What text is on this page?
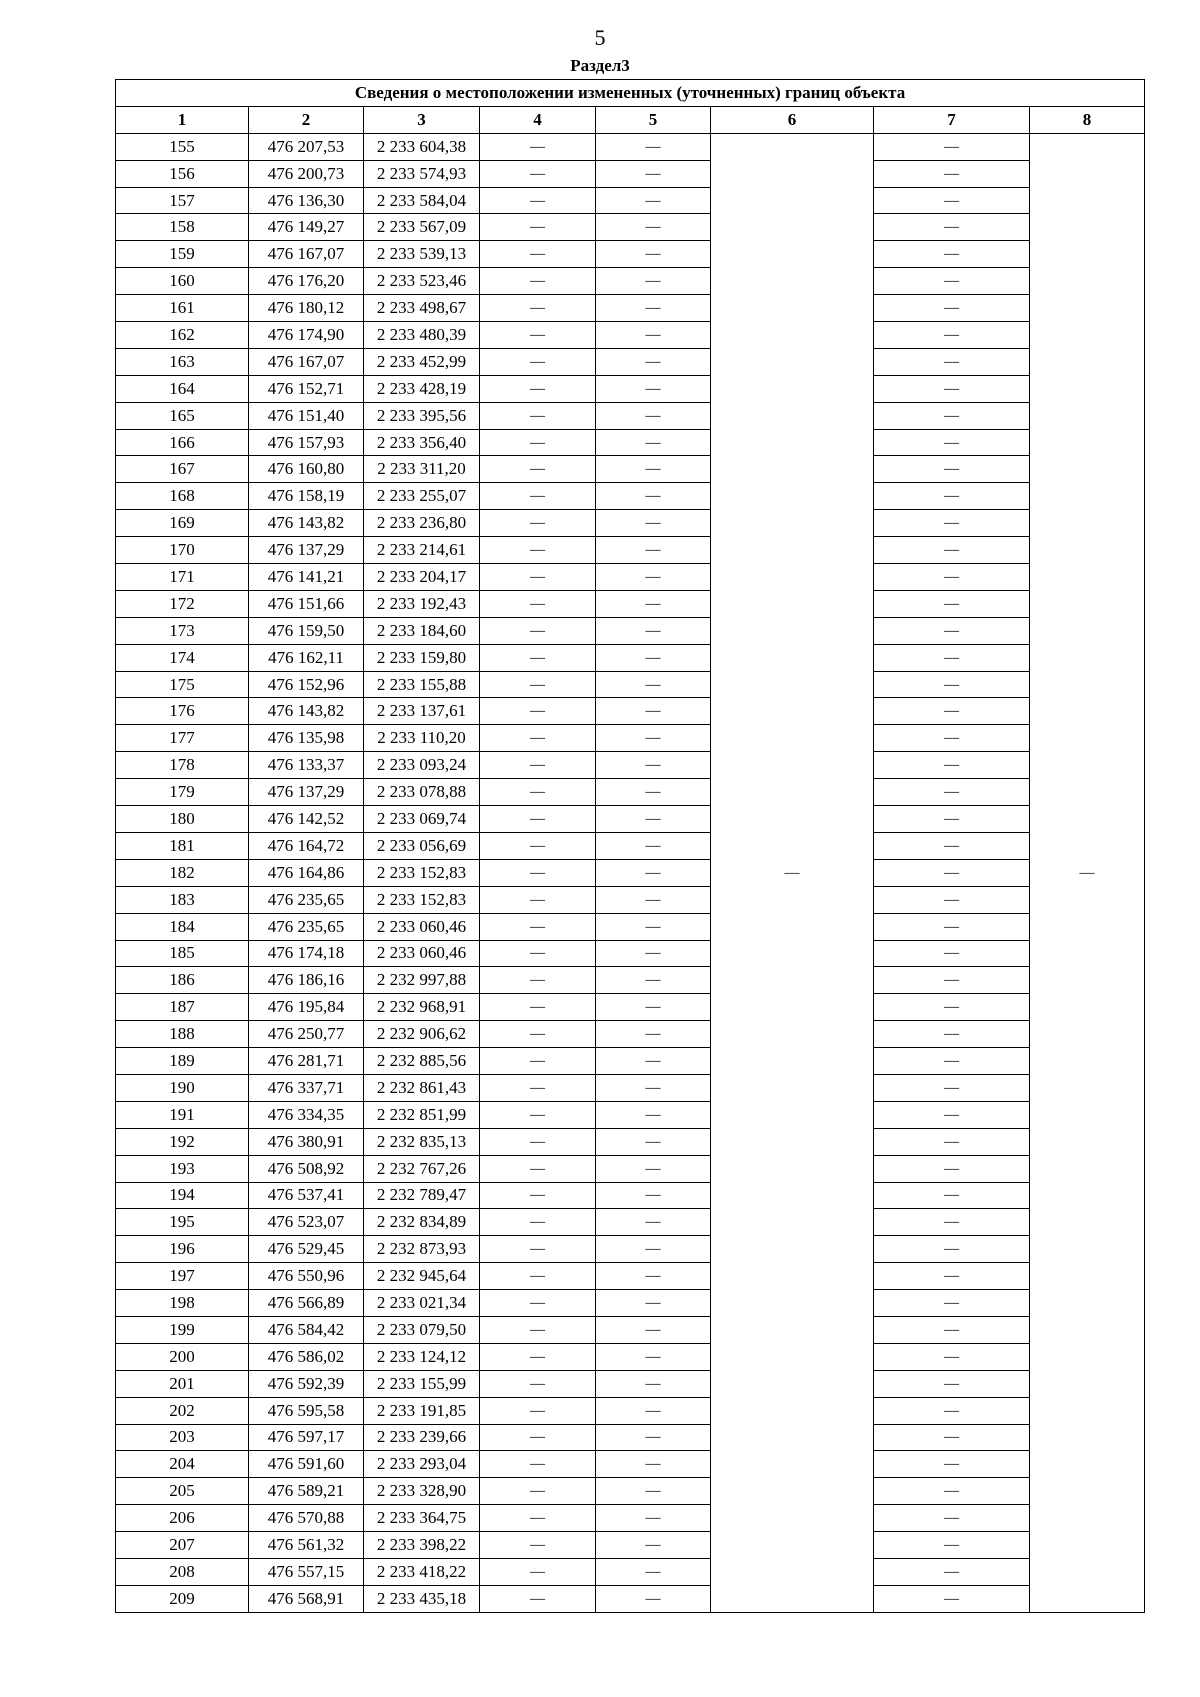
5
Раздел3
Сведения о местоположении измененных (уточненных) границ объекта							
1	2	3	4	5	6	7	8
155	476 207,53	2 233 604,38	—	—	—	—	—
156	476 200,73	2 233 574,93	—	—		—	
157	476 136,30	2 233 584,04	—	—		—	
158	476 149,27	2 233 567,09	—	—		—	
159	476 167,07	2 233 539,13	—	—		—	
160	476 176,20	2 233 523,46	—	—		—	
161	476 180,12	2 233 498,67	—	—		—	
162	476 174,90	2 233 480,39	—	—		—	
163	476 167,07	2 233 452,99	—	—		—	
164	476 152,71	2 233 428,19	—	—		—	
165	476 151,40	2 233 395,56	—	—		—	
166	476 157,93	2 233 356,40	—	—		—	
167	476 160,80	2 233 311,20	—	—		—	
168	476 158,19	2 233 255,07	—	—		—	
169	476 143,82	2 233 236,80	—	—		—	
170	476 137,29	2 233 214,61	—	—		—	
171	476 141,21	2 233 204,17	—	—		—	
172	476 151,66	2 233 192,43	—	—		—	
173	476 159,50	2 233 184,60	—	—		—	
174	476 162,11	2 233 159,80	—	—		—	
175	476 152,96	2 233 155,88	—	—		—	
176	476 143,82	2 233 137,61	—	—		—	
177	476 135,98	2 233 110,20	—	—		—	
178	476 133,37	2 233 093,24	—	—		—	
179	476 137,29	2 233 078,88	—	—		—	
180	476 142,52	2 233 069,74	—	—		—	
181	476 164,72	2 233 056,69	—	—		—	
182	476 164,86	2 233 152,83	—	—		—	
183	476 235,65	2 233 152,83	—	—		—	
184	476 235,65	2 233 060,46	—	—		—	
185	476 174,18	2 233 060,46	—	—		—	
186	476 186,16	2 232 997,88	—	—		—	
187	476 195,84	2 232 968,91	—	—		—	
188	476 250,77	2 232 906,62	—	—		—	
189	476 281,71	2 232 885,56	—	—		—	
190	476 337,71	2 232 861,43	—	—		—	
191	476 334,35	2 232 851,99	—	—		—	
192	476 380,91	2 232 835,13	—	—		—	
193	476 508,92	2 232 767,26	—	—		—	
194	476 537,41	2 232 789,47	—	—		—	
195	476 523,07	2 232 834,89	—	—		—	
196	476 529,45	2 232 873,93	—	—		—	
197	476 550,96	2 232 945,64	—	—		—	
198	476 566,89	2 233 021,34	—	—		—	
199	476 584,42	2 233 079,50	—	—		—	
200	476 586,02	2 233 124,12	—	—		—	
201	476 592,39	2 233 155,99	—	—		—	
202	476 595,58	2 233 191,85	—	—		—	
203	476 597,17	2 233 239,66	—	—		—	
204	476 591,60	2 233 293,04	—	—		—	
205	476 589,21	2 233 328,90	—	—		—	
206	476 570,88	2 233 364,75	—	—		—	
207	476 561,32	2 233 398,22	—	—		—	
208	476 557,15	2 233 418,22	—	—		—	
209	476 568,91	2 233 435,18	—	—		—	
